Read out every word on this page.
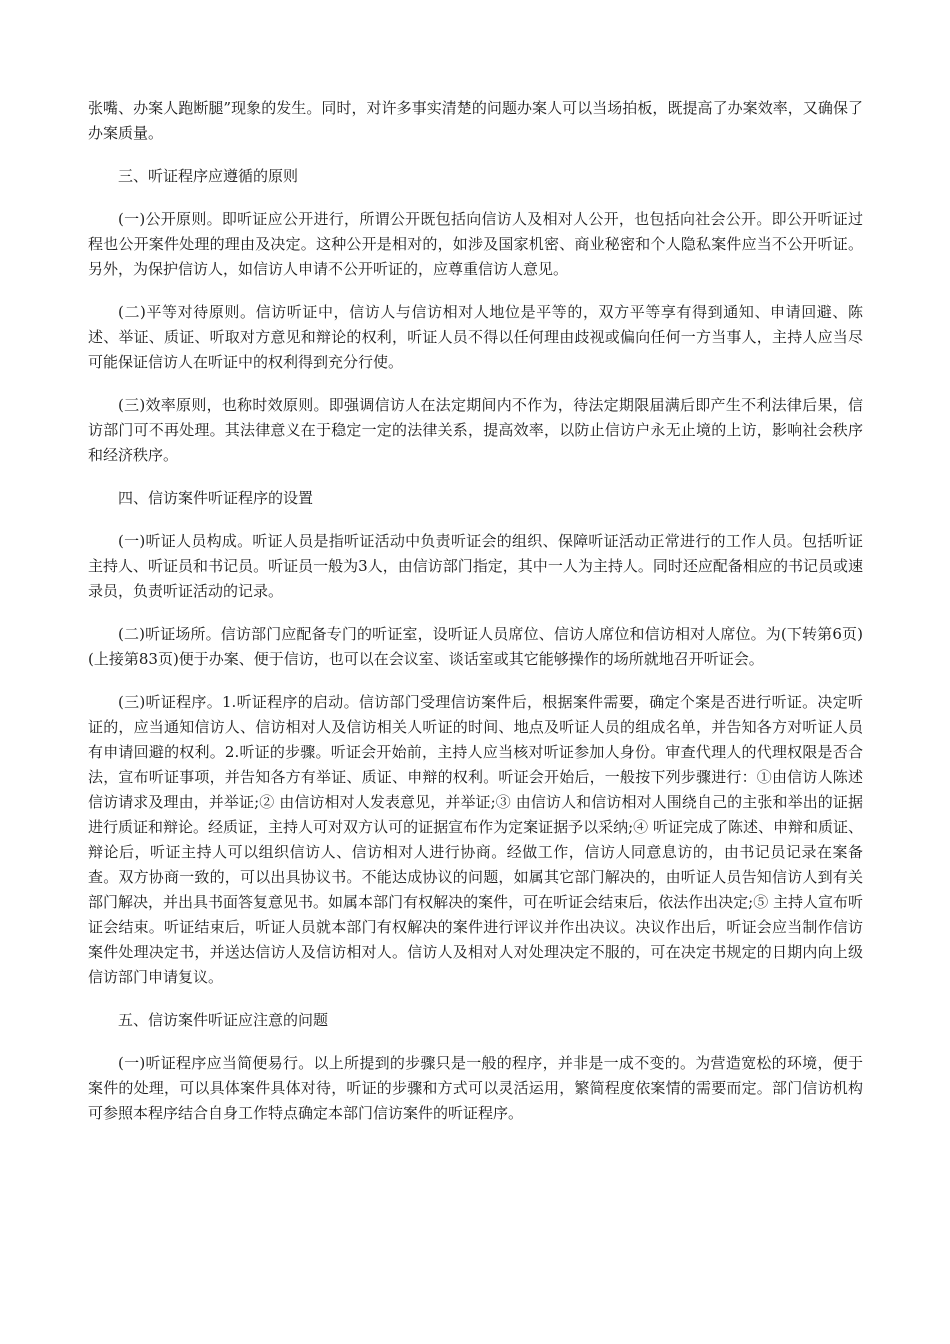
张嘴、办案人跑断腿”现象的发生。同时，对许多事实清楚的问题办案人可以当场拍板，既提高了办案效率，又确保了办案质量。

三、听证程序应遵循的原则

(一)公开原则。即听证应公开进行，所谓公开既包括向信访人及相对人公开，也包括向社会公开。即公开听证过程也公开案件处理的理由及决定。这种公开是相对的，如涉及国家机密、商业秘密和个人隐私案件应当不公开听证。另外，为保护信访人，如信访人申请不公开听证的，应尊重信访人意见。

(二)平等对待原则。信访听证中，信访人与信访相对人地位是平等的，双方平等享有得到通知、申请回避、陈述、举证、质证、听取对方意见和辩论的权利，听证人员不得以任何理由歧视或偏向任何一方当事人，主持人应当尽可能保证信访人在听证中的权利得到充分行使。

(三)效率原则，也称时效原则。即强调信访人在法定期间内不作为，待法定期限届满后即产生不利法律后果，信访部门可不再处理。其法律意义在于稳定一定的法律关系，提高效率，以防止信访户永无止境的上访，影响社会秩序和经济秩序。

四、信访案件听证程序的设置

(一)听证人员构成。听证人员是指听证活动中负责听证会的组织、保障听证活动正常进行的工作人员。包括听证主持人、听证员和书记员。听证员一般为3人，由信访部门指定，其中一人为主持人。同时还应配备相应的书记员或速录员，负责听证活动的记录。

(二)听证场所。信访部门应配备专门的听证室，设听证人员席位、信访人席位和信访相对人席位。为(下转第6页)(上接第83页)便于办案、便于信访，也可以在会议室、谈话室或其它能够操作的场所就地召开听证会。

(三)听证程序。1.听证程序的启动。信访部门受理信访案件后，根据案件需要，确定个案是否进行听证。决定听证的，应当通知信访人、信访相对人及信访相关人听证的时间、地点及听证人员的组成名单，并告知各方对听证人员有申请回避的权利。2.听证的步骤。听证会开始前，主持人应当核对听证参加人身份。审查代理人的代理权限是否合法，宣布听证事项，并告知各方有举证、质证、申辩的权利。听证会开始后，一般按下列步骤进行：①由信访人陈述信访请求及理由，并举证;② 由信访相对人发表意见，并举证;③ 由信访人和信访相对人围绕自己的主张和举出的证据进行质证和辩论。经质证，主持人可对双方认可的证据宣布作为定案证据予以采纳;④ 听证完成了陈述、申辩和质证、辩论后，听证主持人可以组织信访人、信访相对人进行协商。经做工作，信访人同意息访的，由书记员记录在案备查。双方协商一致的，可以出具协议书。不能达成协议的问题，如属其它部门解决的，由听证人员告知信访人到有关部门解决，并出具书面答复意见书。如属本部门有权解决的案件，可在听证会结束后，依法作出决定;⑤ 主持人宣布听证会结束。听证结束后，听证人员就本部门有权解决的案件进行评议并作出决议。决议作出后，听证会应当制作信访案件处理决定书，并送达信访人及信访相对人。信访人及相对人对处理决定不服的，可在决定书规定的日期内向上级信访部门申请复议。

五、信访案件听证应注意的问题

(一)听证程序应当简便易行。以上所提到的步骤只是一般的程序，并非是一成不变的。为营造宽松的环境，便于案件的处理，可以具体案件具体对待，听证的步骤和方式可以灵活运用，繁简程度依案情的需要而定。部门信访机构可参照本程序结合自身工作特点确定本部门信访案件的听证程序。
